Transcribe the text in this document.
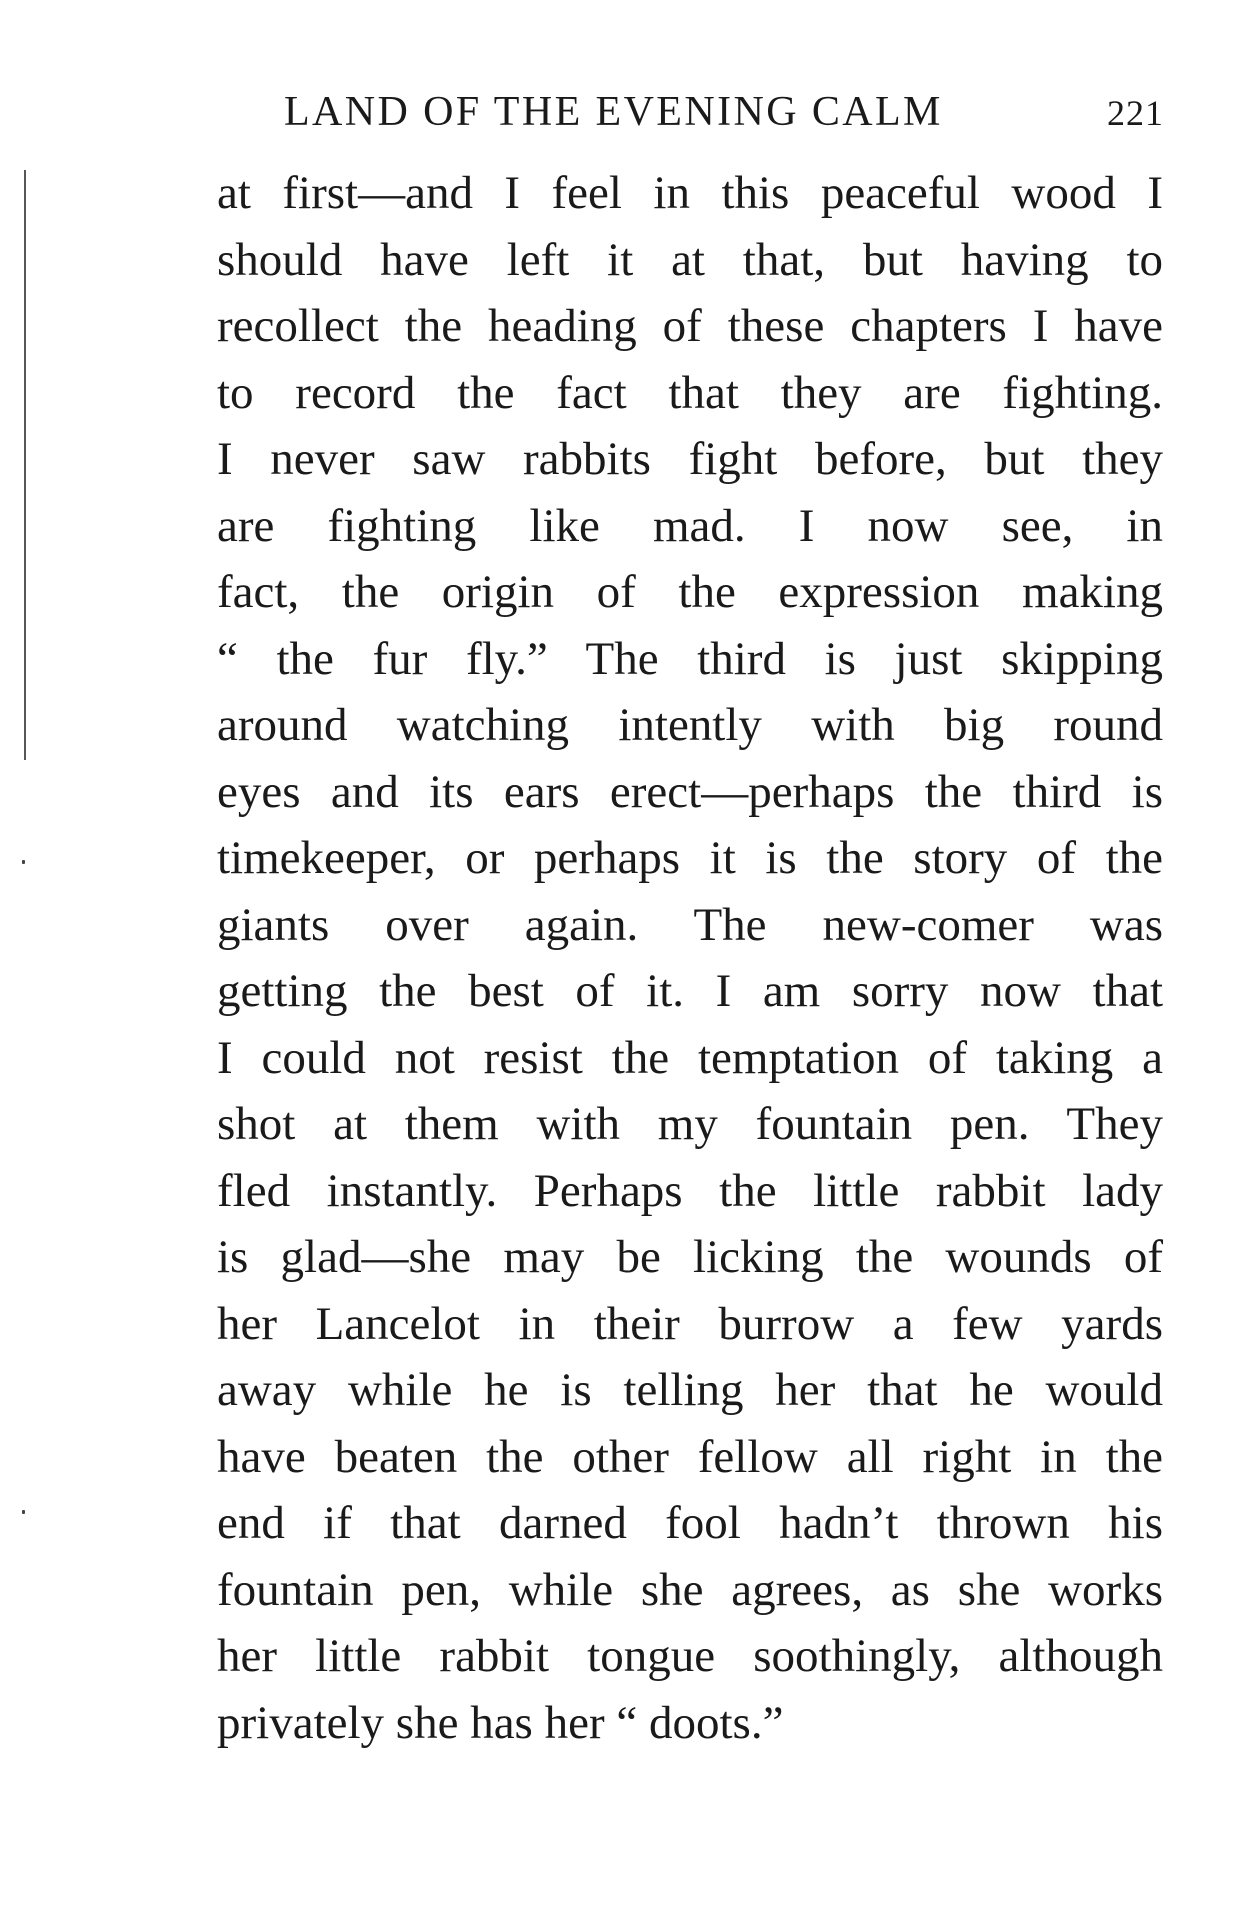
LAND OF THE EVENING CALM	221
at first—and I feel in this peaceful wood I
should have left it at that, but having to
recollect the heading of these chapters I have
to record the fact that they are fighting.
I never saw rabbits fight before, but they
are fighting like mad. I now see, in
fact, the origin of the expression making
“ the fur fly.” The third is just skipping
around watching intently with big round
eyes and its ears erect—perhaps the third is
timekeeper, or perhaps it is the story of the
giants over again. The new-comer was
getting the best of it. I am sorry now that
I could not resist the temptation of taking a
shot at them with my fountain pen. They
fled instantly. Perhaps the little rabbit lady
is glad—she may be licking the wounds of
her Lancelot in their burrow a few yards
away while he is telling her that he would
have beaten the other fellow all right in the
end if that darned fool hadn’t thrown his
fountain pen, while she agrees, as she works
her little rabbit tongue soothingly, although
privately she has her “ doots.”
